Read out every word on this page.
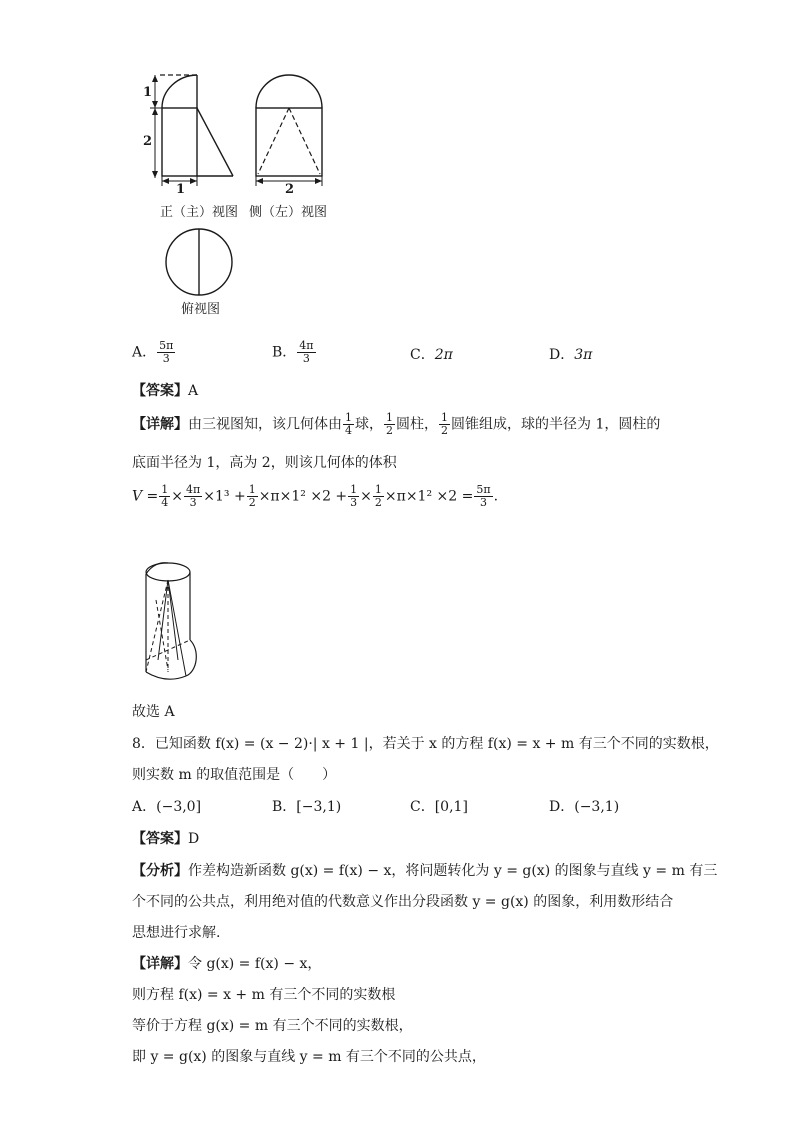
1
2
1	2
正（主）视图 侧（左）视图
俯视图
A． $\frac{5\pi}{3}$	B． $\frac{4\pi}{3}$	C．2π	D．3π
【答案】A
【详解】由三视图知，该几何体由 $\frac{1}{4}$ 球， $\frac{1}{2}$ 圆柱， $\frac{1}{2}$ 圆锥组成，球的半径为 1，圆柱的
底面半径为 1，高为 2，则该几何体的体积
$V = \frac{1}{4} \times \frac{4\pi}{3} \times 1^3 + \frac{1}{2} \times\pi\times 1^2 \times 2 + \frac{1}{3} \times \frac{1}{2} \times\pi\times 1^2 \times 2 = \frac{5\pi}{3}$ .
故选 A
8．已知函数 f(x) = (x − 2)·| x + 1 |，若关于 x 的方程 f(x) = x + m 有三个不同的实数根，
则实数 m 的取值范围是（　　）
A．(−3,0]	B．[−3,1)	C．[0,1]	D．(−3,1)
【答案】D
【分析】作差构造新函数 g(x) = f(x) − x，将问题转化为 y = g(x) 的图象与直线 y = m 有三
个不同的公共点，利用绝对值的代数意义作出分段函数 y = g(x) 的图象，利用数形结合
思想进行求解.
【详解】令 g(x) = f(x) − x，
则方程 f(x) = x + m 有三个不同的实数根
等价于方程 g(x) = m 有三个不同的实数根，
即 y = g(x) 的图象与直线 y = m 有三个不同的公共点，
